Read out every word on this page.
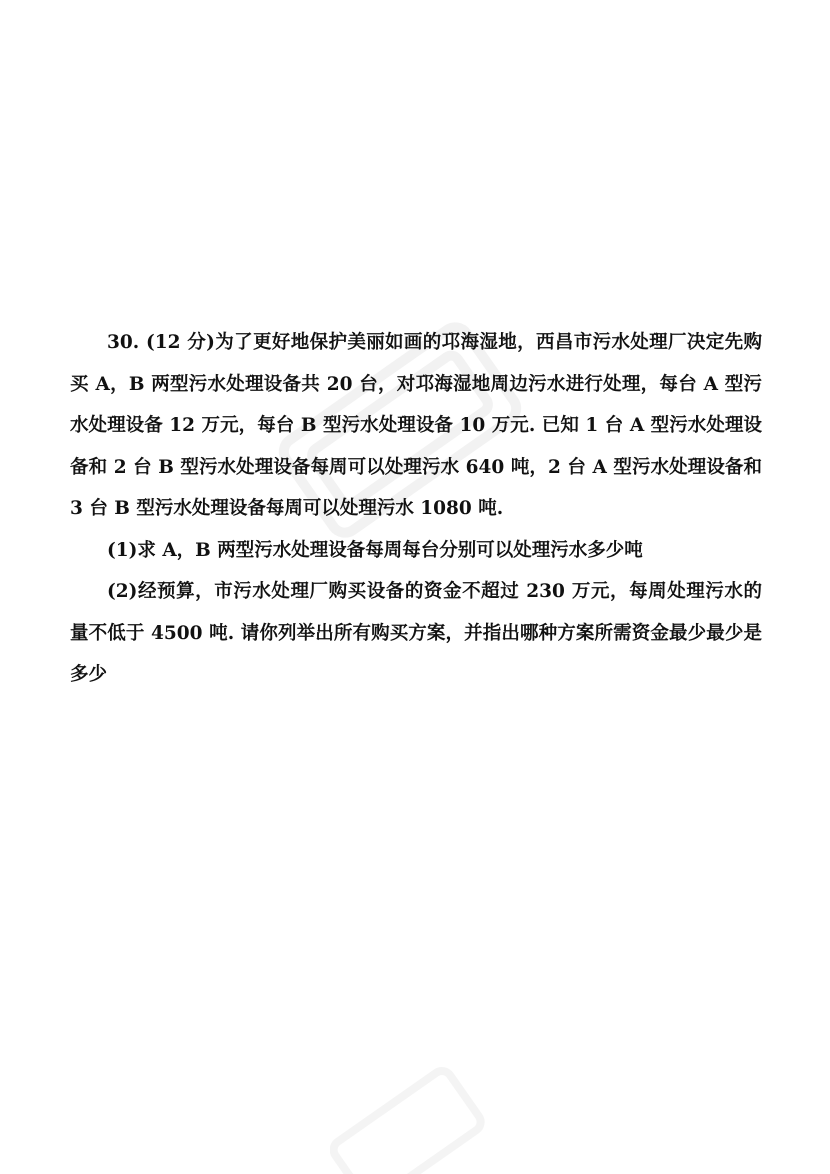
30. (12 分)为了更好地保护美丽如画的邛海湿地，西昌市污水处理厂决定先购买 A，B 两型污水处理设备共 20 台，对邛海湿地周边污水进行处理，每台 A 型污水处理设备 12 万元，每台 B 型污水处理设备 10 万元. 已知 1 台 A 型污水处理设备和 2 台 B 型污水处理设备每周可以处理污水 640 吨，2 台 A 型污水处理设备和 3 台 B 型污水处理设备每周可以处理污水 1080 吨.

(1)求 A，B 两型污水处理设备每周每台分别可以处理污水多少吨

(2)经预算，市污水处理厂购买设备的资金不超过 230 万元，每周处理污水的量不低于 4500 吨. 请你列举出所有购买方案，并指出哪种方案所需资金最少最少是多少
